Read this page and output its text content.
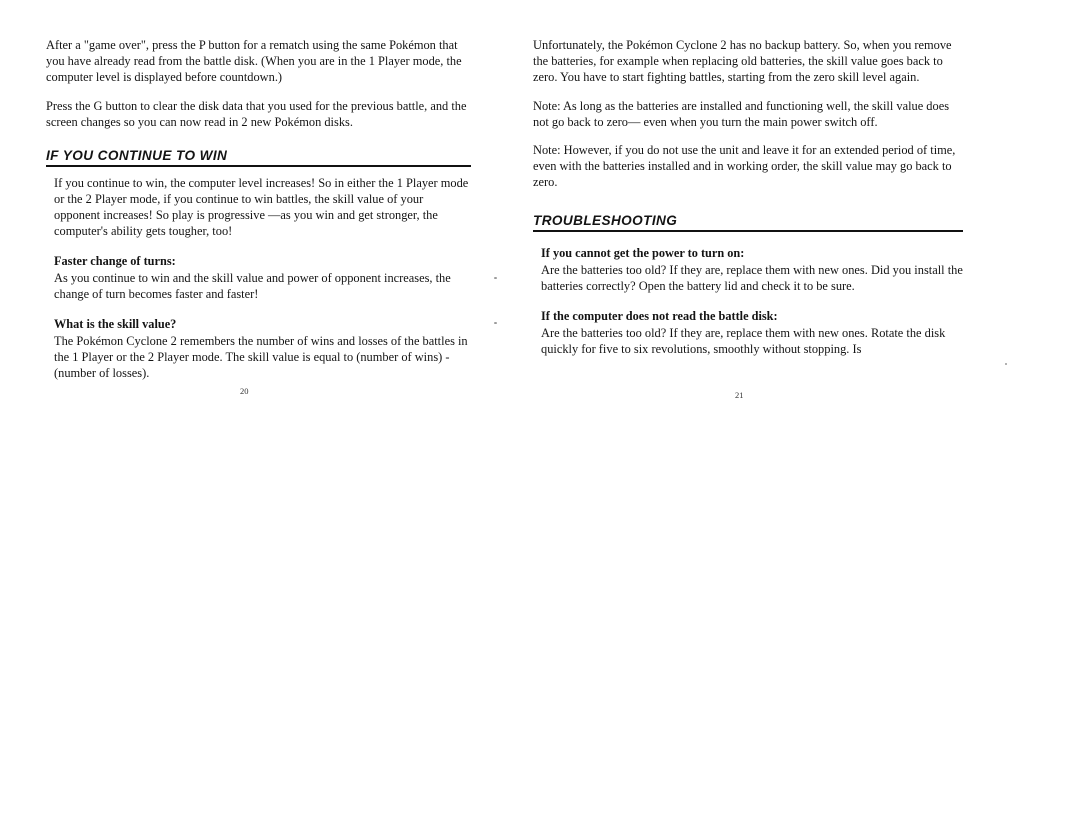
After a "game over", press the P button for a rematch using the same Pokémon that you have already read from the battle disk. (When you are in the 1 Player mode, the computer level is displayed before countdown.)

Press the G button to clear the disk data that you used for the previous battle, and the screen changes so you can now read in 2 new Pokémon disks.

IF YOU CONTINUE TO WIN

If you continue to win, the computer level increases! So in either the 1 Player mode or the 2 Player mode, if you continue to win battles, the skill value of your opponent increases! So play is progressive —as you win and get stronger, the computer's ability gets tougher, too!

Faster change of turns:

As you continue to win and the skill value and power of opponent increases, the change of turn becomes faster and faster!

What is the skill value?

The Pokémon Cyclone 2 remembers the number of wins and losses of the battles in the 1 Player or the 2 Player mode. The skill value is equal to (number of wins) - (number of losses).

Unfortunately, the Pokémon Cyclone 2 has no backup battery. So, when you remove the batteries, for example when replacing old batteries, the skill value goes back to zero. You have to start fighting battles, starting from the zero skill level again.

Note: As long as the batteries are installed and functioning well, the skill value does not go back to zero— even when you turn the main power switch off.

Note: However, if you do not use the unit and leave it for an extended period of time, even with the batteries installed and in working order, the skill value may go back to zero.

TROUBLESHOOTING
If you cannot get the power to turn on:

Are the batteries too old? If they are, replace them with new ones. Did you install the batteries correctly? Open the battery lid and check it to be sure.

If the computer does not read the battle disk:

Are the batteries too old? If they are, replace them with new ones. Rotate the disk quickly for five to six revolutions, smoothly without stopping. Is

20	21
